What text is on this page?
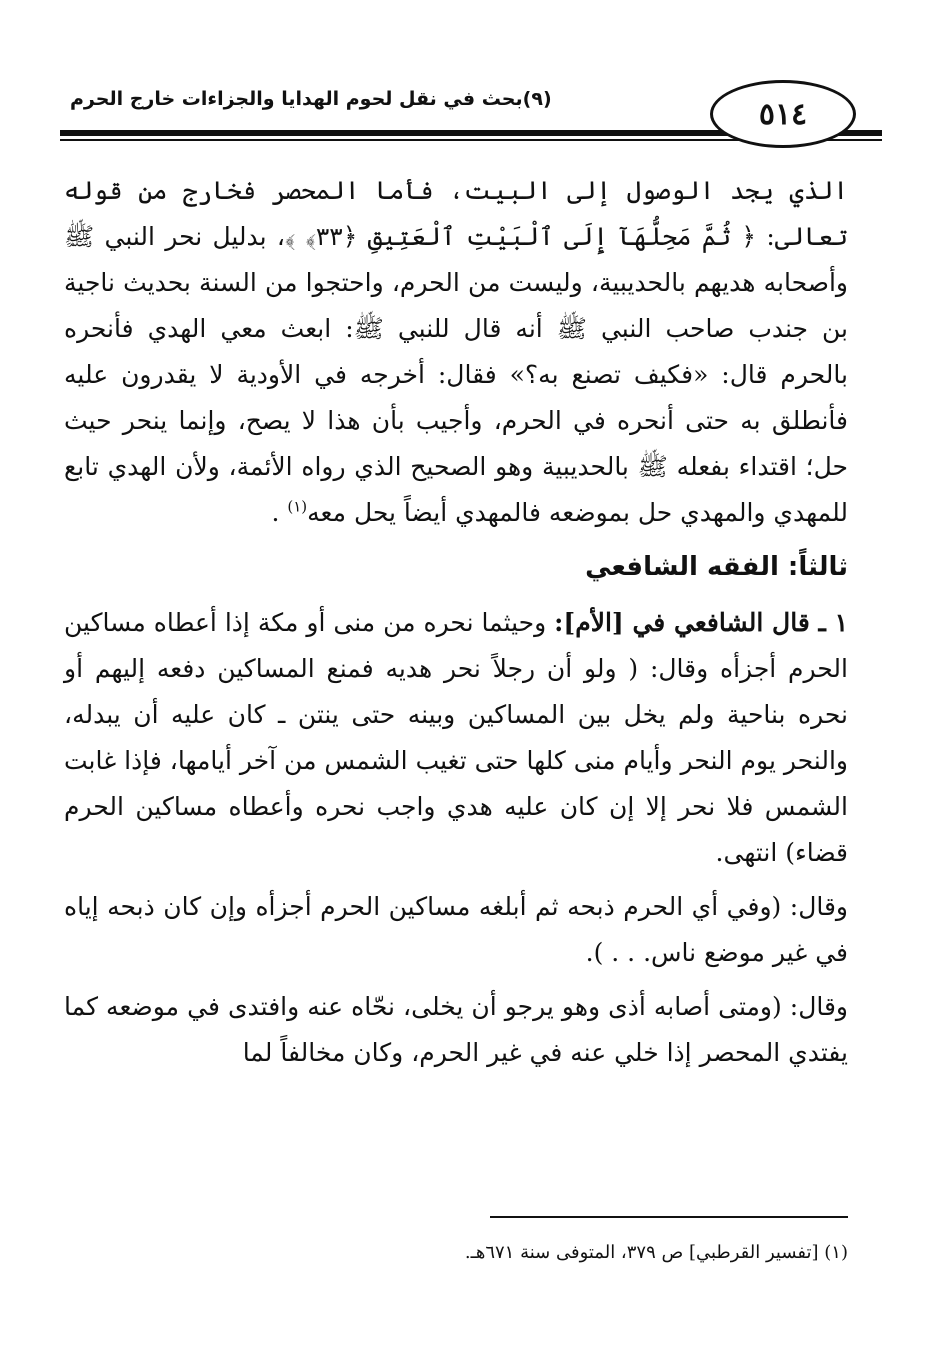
٥١٤
(٩)بحث في نقل لحوم الهدايا والجزاءات خارج الحرم

الذي يجد الوصول إلى البيت، فأما المحصر فخارج من قوله تعالى: ﴿ ثُمَّ مَحِلُّهَآ إِلَى ٱلْبَيْتِ ٱلْعَتِيقِ ﴿٣٣﴾ ﴾، بدليل نحر النبي ﷺ وأصحابه هديهم بالحديبية، وليست من الحرم، واحتجوا من السنة بحديث ناجية بن جندب صاحب النبي ﷺ أنه قال للنبي ﷺ: ابعث معي الهدي فأنحره بالحرم قال: «فكيف تصنع به؟» فقال: أخرجه في الأودية لا يقدرون عليه فأنطلق به حتى أنحره في الحرم، وأجيب بأن هذا لا يصح، وإنما ينحر حيث حل؛ اقتداء بفعله ﷺ بالحديبية وهو الصحيح الذي رواه الأئمة، ولأن الهدي تابع للمهدي والمهدي حل بموضعه فالمهدي أيضاً يحل معه$^{(١)}$ .

ثالثاً: الفقه الشافعي

١ ـ قال الشافعي في [الأم]: وحيثما نحره من منى أو مكة إذا أعطاه مساكين الحرم أجزأه وقال: ( ولو أن رجلاً نحر هديه فمنع المساكين دفعه إليهم أو نحره بناحية ولم يخل بين المساكين وبينه حتى ينتن ـ كان عليه أن يبدله، والنحر يوم النحر وأيام منى كلها حتى تغيب الشمس من آخر أيامها، فإذا غابت الشمس فلا نحر إلا إن كان عليه هدي واجب نحره وأعطاه مساكين الحرم قضاء) انتهى.

وقال: (وفي أي الحرم ذبحه ثم أبلغه مساكين الحرم أجزأه وإن كان ذبحه إياه في غير موضع ناس. . . ).

وقال: (ومتى أصابه أذى وهو يرجو أن يخلى، نحّاه عنه وافتدى في موضعه كما يفتدي المحصر إذا خلي عنه في غير الحرم، وكان مخالفاً لما

(١) [تفسير القرطبي] ص ٣٧٩، المتوفى سنة ٦٧١هـ.
